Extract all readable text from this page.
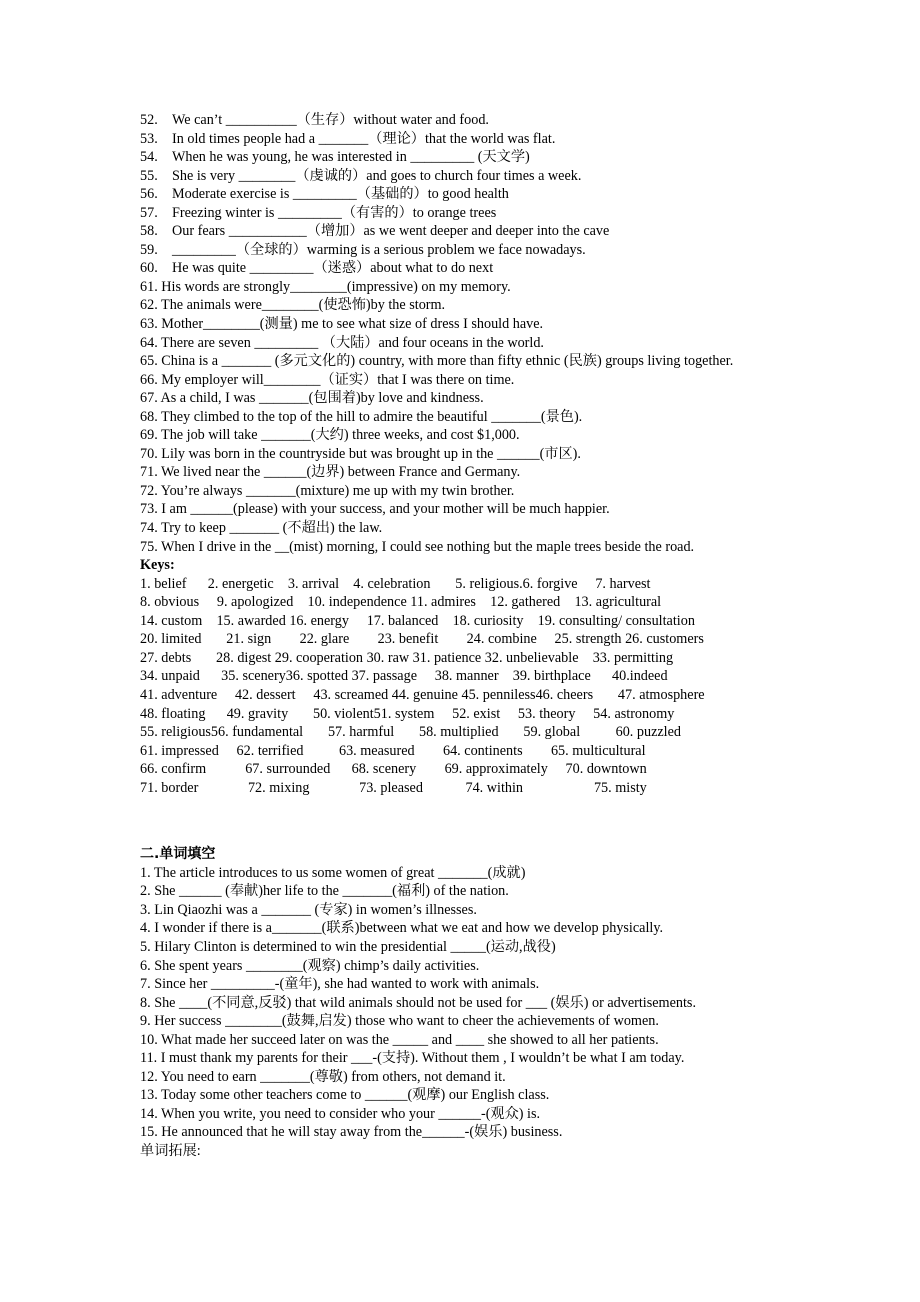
52. We can’t __________（生存）without water and food.
53. In old times people had a _______（理论）that the world was flat.
54. When he was young, he was interested in _________ (天文学)
55. She is very ________（虔诚的）and goes to church four times a week.
56. Moderate exercise is _________（基础的）to good health
57. Freezing winter is _________（有害的）to orange trees
58. Our fears ___________（增加）as we went deeper and deeper into the cave
59. _________（全球的）warming is a serious problem we face nowadays.
60. He was quite _________（迷惑）about what to do next
61. His words are strongly________(impressive) on my memory.
62. The animals were________(使恐怖)by the storm.
63. Mother________(测量) me to see what size of dress I should have.
64. There are seven _________ （大陆）and four oceans in the world.
65. China is a _______ (多元文化的) country, with more than fifty ethnic (民族) groups living together.
66. My employer will________（证实）that I was there on time.
67. As a child, I was _______(包围着)by love and kindness.
68. They climbed to the top of the hill to admire the beautiful _______(景色).
69. The job will take _______(大约) three weeks, and cost $1,000.
70. Lily was born in the countryside but was brought up in the ______(市区).
71. We lived near the ______(边界) between France and Germany.
72. You’re always _______(mixture) me up with my twin brother.
73. I am ______(please) with your success, and your mother will be much happier.
74. Try to keep _______ (不超出) the law.
75. When I drive in the __(mist) morning, I could see nothing but the maple trees beside the road.
Keys:
1. belief      2. energetic    3. arrival    4. celebration       5. religious.6. forgive     7. harvest
8. obvious     9. apologized    10. independence 11. admires    12. gathered    13. agricultural
14. custom    15. awarded 16. energy     17. balanced    18. curiosity    19. consulting/ consultation
20. limited       21. sign        22. glare        23. benefit        24. combine     25. strength 26. customers
27. debts       28. digest 29. cooperation 30. raw 31. patience 32. unbelievable    33. permitting
34. unpaid      35. scenery36. spotted 37. passage     38. manner    39. birthplace      40.indeed
41. adventure     42. dessert     43. screamed 44. genuine 45. penniless46. cheers       47. atmosphere
48. floating      49. gravity       50. violent51. system     52. exist     53. theory     54. astronomy
55. religious56. fundamental       57. harmful       58. multiplied       59. global          60. puzzled
61. impressed     62. terrified          63. measured        64. continents        65. multicultural
66. confirm           67. surrounded      68. scenery        69. approximately     70. downtown
71. border              72. mixing              73. pleased            74. within                    75. misty
二.单词填空
1. The article introduces to us some women of great _______(成就)
2. She ______ (奉献)her life to the _______(福利) of the nation.
3. Lin Qiaozhi was a _______ (专家) in women’s illnesses.
4. I wonder if there is a_______(联系)between what we eat and how we develop physically.
5. Hilary Clinton is determined to win the presidential _____(运动,战役)
6. She spent years ________(观察) chimp’s daily activities.
7. Since her _________-(童年), she had wanted to work with animals.
8. She ____(不同意,反驳) that wild animals should not be used for ___ (娱乐) or advertisements.
9. Her success ________(鼓舞,启发) those who want to cheer the achievements of women.
10. What made her succeed later on was the _____ and ____ she showed to all her patients.
11. I must thank my parents for their ___-(支持). Without them , I wouldn’t be what I am today.
12. You need to earn _______(尊敬) from others, not demand it.
13. Today some other teachers come to ______(观摩) our English class.
14. When you write, you need to consider who your ______-(观众) is.
15. He announced that he will stay away from the______-(娱乐) business.
单词拓展:
